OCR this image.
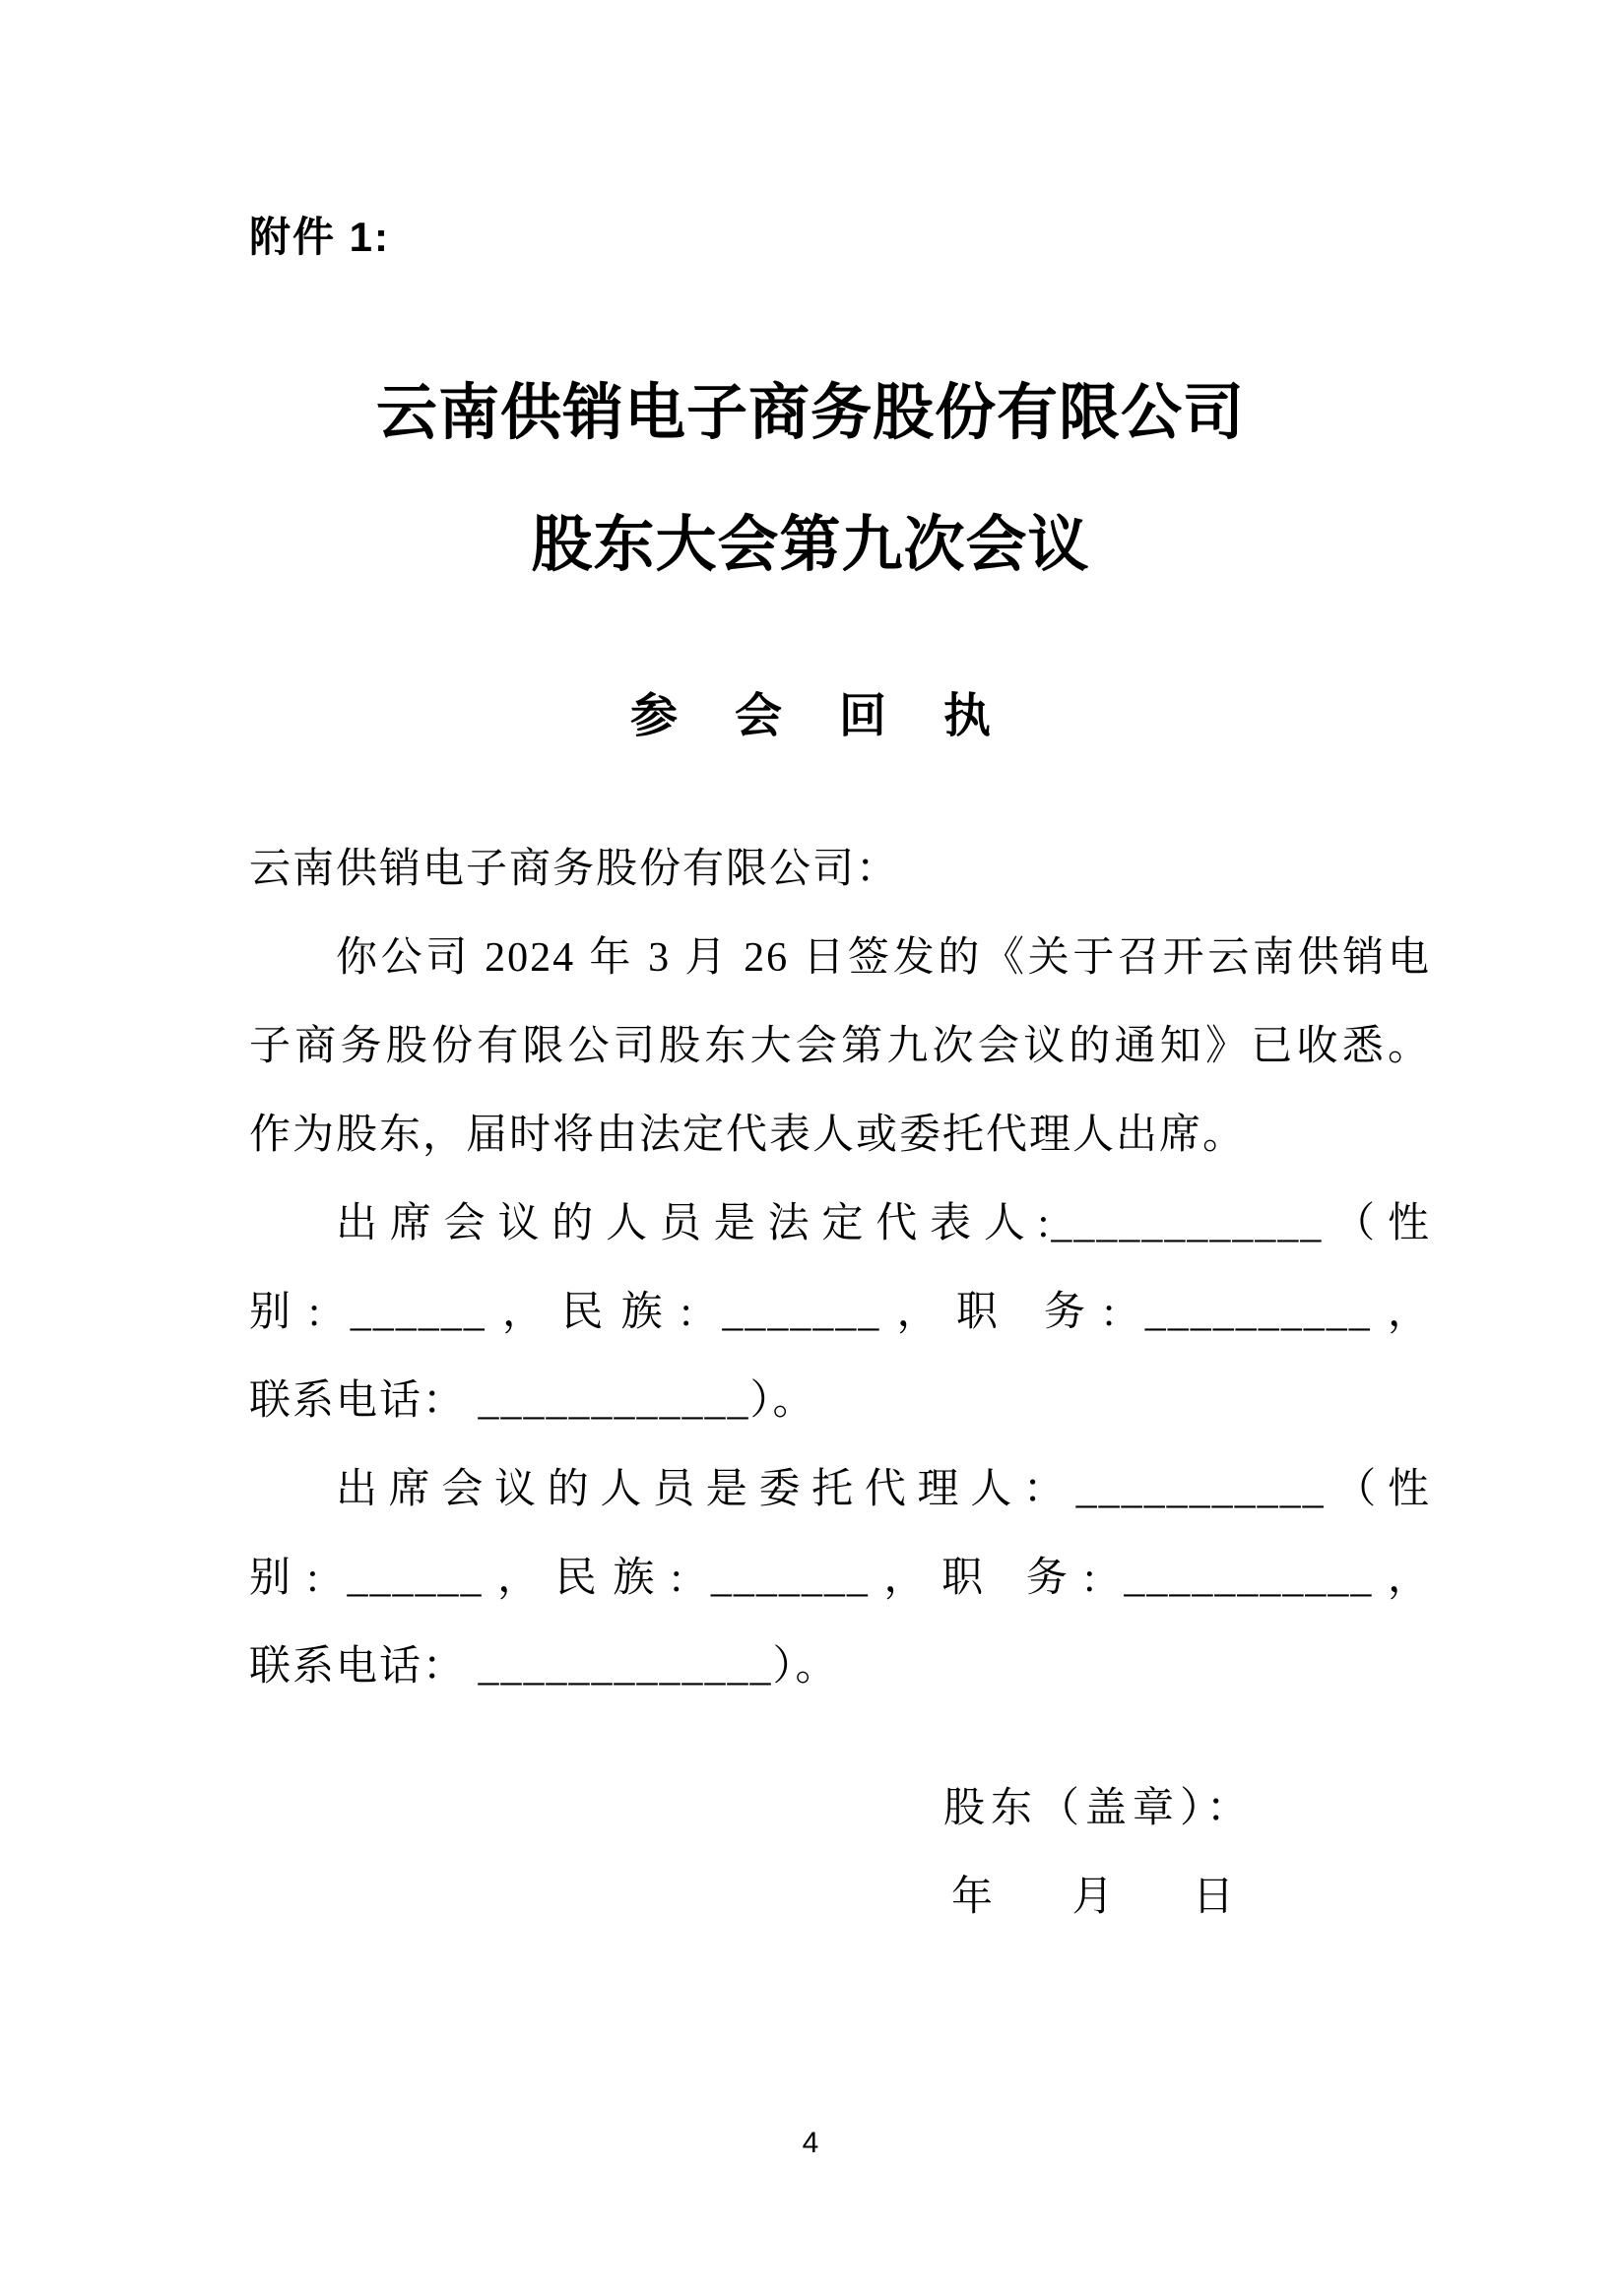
附件 1:
云南供销电子商务股份有限公司
股东大会第九次会议
参会回执
云南供销电子商务股份有限公司：
你公司 2024 年 3 月 26 日签发的《关于召开云南供销电
子商务股份有限公司股东大会第九次会议的通知》已收悉。
作为股东，届时将由法定代表人或委托代理人出席。
出席会议的人员是法定代表人:____________（性
别: ______，民族: _______，职 务: __________，
联系电话： ____________）。
出席会议的人员是委托代理人：___________（性
别: ______，民族: _______，职 务: ___________，
联系电话： _____________）。
股东（盖章）：
年 月 日
4
